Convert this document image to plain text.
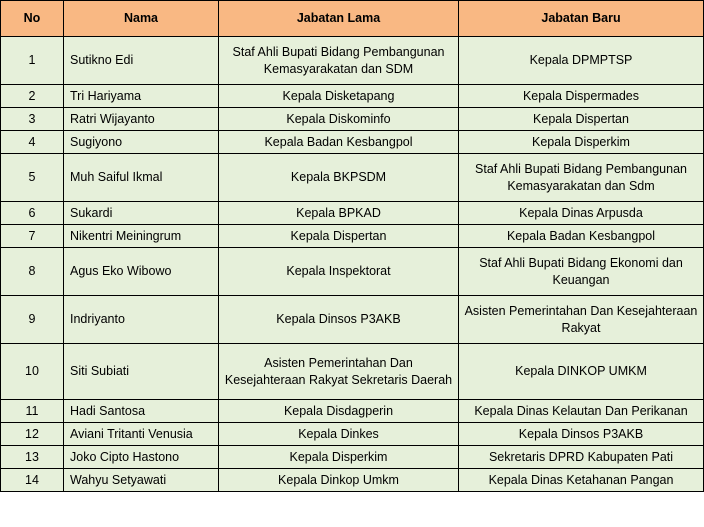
No	Nama	Jabatan Lama	Jabatan Baru
1	Sutikno Edi	Staf Ahli Bupati Bidang Pembangunan Kemasyarakatan dan SDM	Kepala DPMPTSP
2	Tri Hariyama	Kepala Disketapang	Kepala Dispermades
3	Ratri Wijayanto	Kepala Diskominfo	Kepala Dispertan
4	Sugiyono	Kepala Badan Kesbangpol	Kepala Disperkim
5	Muh Saiful Ikmal	Kepala BKPSDM	Staf Ahli Bupati Bidang Pembangunan Kemasyarakatan dan Sdm
6	Sukardi	Kepala BPKAD	Kepala Dinas Arpusda
7	Nikentri Meiningrum	Kepala Dispertan	Kepala Badan Kesbangpol
8	Agus Eko Wibowo	Kepala Inspektorat	Staf Ahli Bupati Bidang Ekonomi dan Keuangan
9	Indriyanto	Kepala Dinsos P3AKB	Asisten Pemerintahan Dan Kesejahteraan Rakyat
10	Siti Subiati	Asisten Pemerintahan Dan Kesejahteraan Rakyat Sekretaris Daerah	Kepala DINKOP UMKM
11	Hadi Santosa	Kepala Disdagperin	Kepala Dinas Kelautan Dan Perikanan
12	Aviani Tritanti Venusia	Kepala Dinkes	Kepala Dinsos P3AKB
13	Joko Cipto Hastono	Kepala Disperkim	Sekretaris DPRD Kabupaten Pati
14	Wahyu Setyawati	Kepala Dinkop Umkm	Kepala Dinas Ketahanan Pangan
